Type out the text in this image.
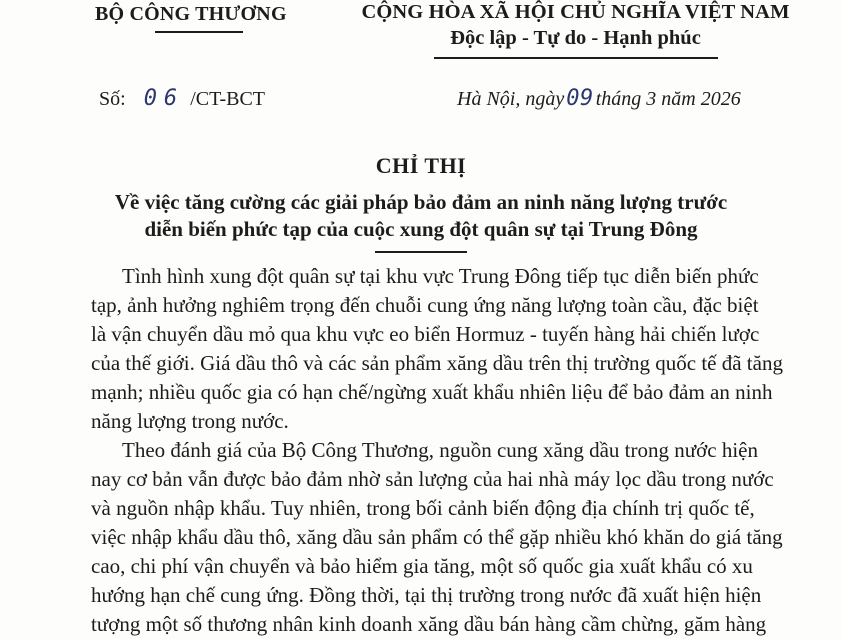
BỘ CÔNG THƯƠNG	CỘNG HÒA XÃ HỘI CHỦ NGHĨA VIỆT NAM
Độc lập - Tự do - Hạnh phúc
Số: 06 /CT-BCT	Hà Nội, ngày09 tháng 3 năm 2026
CHỈ THỊ
Về việc tăng cường các giải pháp bảo đảm an ninh năng lượng trước
diễn biến phức tạp của cuộc xung đột quân sự tại Trung Đông
Tình hình xung đột quân sự tại khu vực Trung Đông tiếp tục diễn biến phức
tạp, ảnh hưởng nghiêm trọng đến chuỗi cung ứng năng lượng toàn cầu, đặc biệt
là vận chuyển dầu mỏ qua khu vực eo biển Hormuz - tuyến hàng hải chiến lược
của thế giới. Giá dầu thô và các sản phẩm xăng dầu trên thị trường quốc tế đã tăng
mạnh; nhiều quốc gia có hạn chế/ngừng xuất khẩu nhiên liệu để bảo đảm an ninh
năng lượng trong nước.
Theo đánh giá của Bộ Công Thương, nguồn cung xăng dầu trong nước hiện
nay cơ bản vẫn được bảo đảm nhờ sản lượng của hai nhà máy lọc dầu trong nước
và nguồn nhập khẩu. Tuy nhiên, trong bối cảnh biến động địa chính trị quốc tế,
việc nhập khẩu dầu thô, xăng dầu sản phẩm có thể gặp nhiều khó khăn do giá tăng
cao, chi phí vận chuyển và bảo hiểm gia tăng, một số quốc gia xuất khẩu có xu
hướng hạn chế cung ứng. Đồng thời, tại thị trường trong nước đã xuất hiện hiện
tượng một số thương nhân kinh doanh xăng dầu bán hàng cầm chừng, găm hàng
